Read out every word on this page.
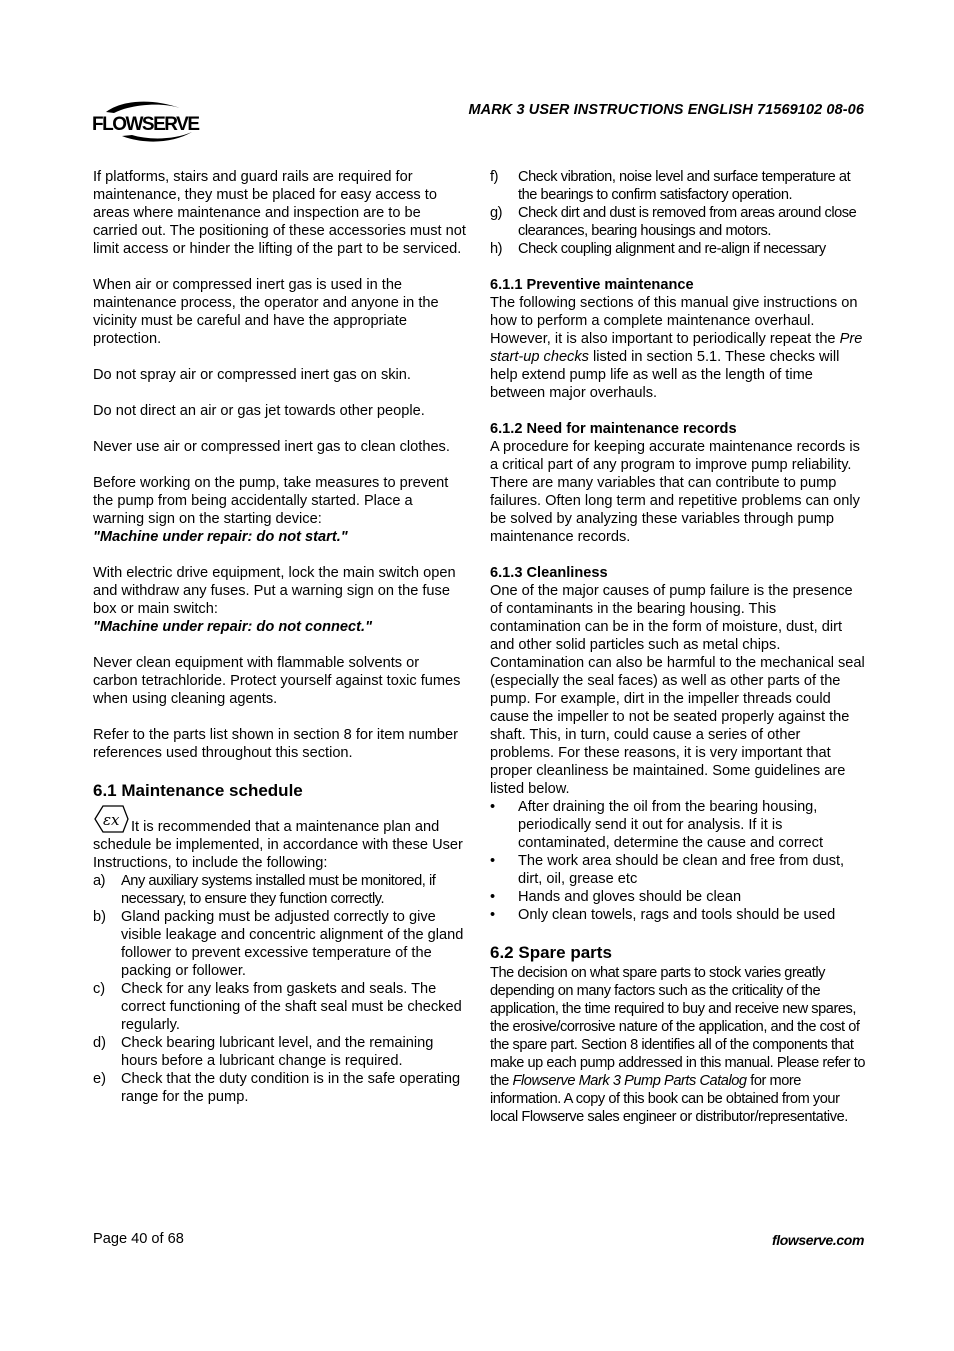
FLOWSERVE
MARK 3 USER INSTRUCTIONS ENGLISH 71569102 08-06

If platforms, stairs and guard rails are required for maintenance, they must be placed for easy access to areas where maintenance and inspection are to be carried out. The positioning of these accessories must not limit access or hinder the lifting of the part to be serviced.

When air or compressed inert gas is used in the maintenance process, the operator and anyone in the vicinity must be careful and have the appropriate protection.

Do not spray air or compressed inert gas on skin.

Do not direct an air or gas jet towards other people.

Never use air or compressed inert gas to clean clothes.

Before working on the pump, take measures to prevent the pump from being accidentally started. Place a warning sign on the starting device:

"Machine under repair: do not start."

With electric drive equipment, lock the main switch open and withdraw any fuses. Put a warning sign on the fuse box or main switch:

"Machine under repair: do not connect."

Never clean equipment with flammable solvents or carbon tetrachloride. Protect yourself against toxic fumes when using cleaning agents.

Refer to the parts list shown in section 8 for item number references used throughout this section.

6.1 Maintenance schedule

εx It is recommended that a maintenance plan and schedule be implemented, in accordance with these User Instructions, to include the following:

a) Any auxiliary systems installed must be monitored, if necessary, to ensure they function correctly.
b) Gland packing must be adjusted correctly to give visible leakage and concentric alignment of the gland follower to prevent excessive temperature of the packing or follower.
c) Check for any leaks from gaskets and seals. The correct functioning of the shaft seal must be checked regularly.
d) Check bearing lubricant level, and the remaining hours before a lubricant change is required.
e) Check that the duty condition is in the safe operating range for the pump.
f) Check vibration, noise level and surface temperature at the bearings to confirm satisfactory operation.
g) Check dirt and dust is removed from areas around close clearances, bearing housings and motors.
h) Check coupling alignment and re-align if necessary
6.1.1 Preventive maintenance

The following sections of this manual give instructions on how to perform a complete maintenance overhaul. However, it is also important to periodically repeat the Pre start-up checks listed in section 5.1. These checks will help extend pump life as well as the length of time between major overhauls.

6.1.2 Need for maintenance records

A procedure for keeping accurate maintenance records is a critical part of any program to improve pump reliability. There are many variables that can contribute to pump failures. Often long term and repetitive problems can only be solved by analyzing these variables through pump maintenance records.

6.1.3 Cleanliness

One of the major causes of pump failure is the presence of contaminants in the bearing housing. This contamination can be in the form of moisture, dust, dirt and other solid particles such as metal chips. Contamination can also be harmful to the mechanical seal (especially the seal faces) as well as other parts of the pump. For example, dirt in the impeller threads could cause the impeller to not be seated properly against the shaft. This, in turn, could cause a series of other problems. For these reasons, it is very important that proper cleanliness be maintained. Some guidelines are listed below.

• After draining the oil from the bearing housing, periodically send it out for analysis. If it is contaminated, determine the cause and correct
• The work area should be clean and free from dust, dirt, oil, grease etc
• Hands and gloves should be clean
• Only clean towels, rags and tools should be used
6.2 Spare parts

The decision on what spare parts to stock varies greatly depending on many factors such as the criticality of the application, the time required to buy and receive new spares, the erosive/corrosive nature of the application, and the cost of the spare part. Section 8 identifies all of the components that make up each pump addressed in this manual. Please refer to the Flowserve Mark 3 Pump Parts Catalog for more information. A copy of this book can be obtained from your local Flowserve sales engineer or distributor/representative.

Page 40 of 68	flowserve.com
